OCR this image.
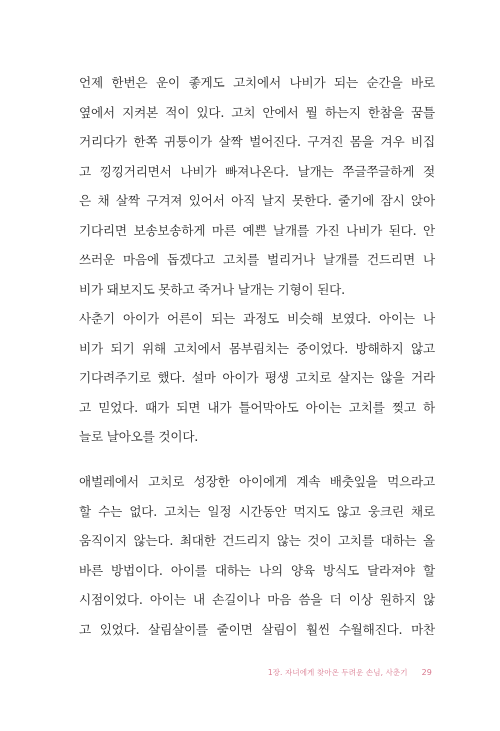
언제 한번은 운이 좋게도 고치에서 나비가 되는 순간을 바로
옆에서 지켜본 적이 있다. 고치 안에서 뭘 하는지 한참을 꿈틀
거리다가 한쪽 귀퉁이가 살짝 벌어진다. 구겨진 몸을 겨우 비집
고 낑낑거리면서 나비가 빠져나온다. 날개는 쭈글쭈글하게 젖
은 채 살짝 구겨져 있어서 아직 날지 못한다. 줄기에 잠시 앉아
기다리면 보송보송하게 마른 예쁜 날개를 가진 나비가 된다. 안
쓰러운 마음에 돕겠다고 고치를 벌리거나 날개를 건드리면 나
비가 돼보지도 못하고 죽거나 날개는 기형이 된다.
사춘기 아이가 어른이 되는 과정도 비슷해 보였다. 아이는 나
비가 되기 위해 고치에서 몸부림치는 중이었다. 방해하지 않고
기다려주기로 했다. 설마 아이가 평생 고치로 살지는 않을 거라
고 믿었다. 때가 되면 내가 틀어막아도 아이는 고치를 찢고 하
늘로 날아오를 것이다.
애벌레에서 고치로 성장한 아이에게 계속 배춧잎을 먹으라고
할 수는 없다. 고치는 일정 시간동안 먹지도 않고 웅크린 채로
움직이지 않는다. 최대한 건드리지 않는 것이 고치를 대하는 올
바른 방법이다. 아이를 대하는 나의 양육 방식도 달라져야 할
시점이었다. 아이는 내 손길이나 마음 씀을 더 이상 원하지 않
고 있었다. 살림살이를 줄이면 살림이 훨씬 수월해진다. 마찬
1장. 자녀에게 찾아온 두려운 손님, 사춘기 29
